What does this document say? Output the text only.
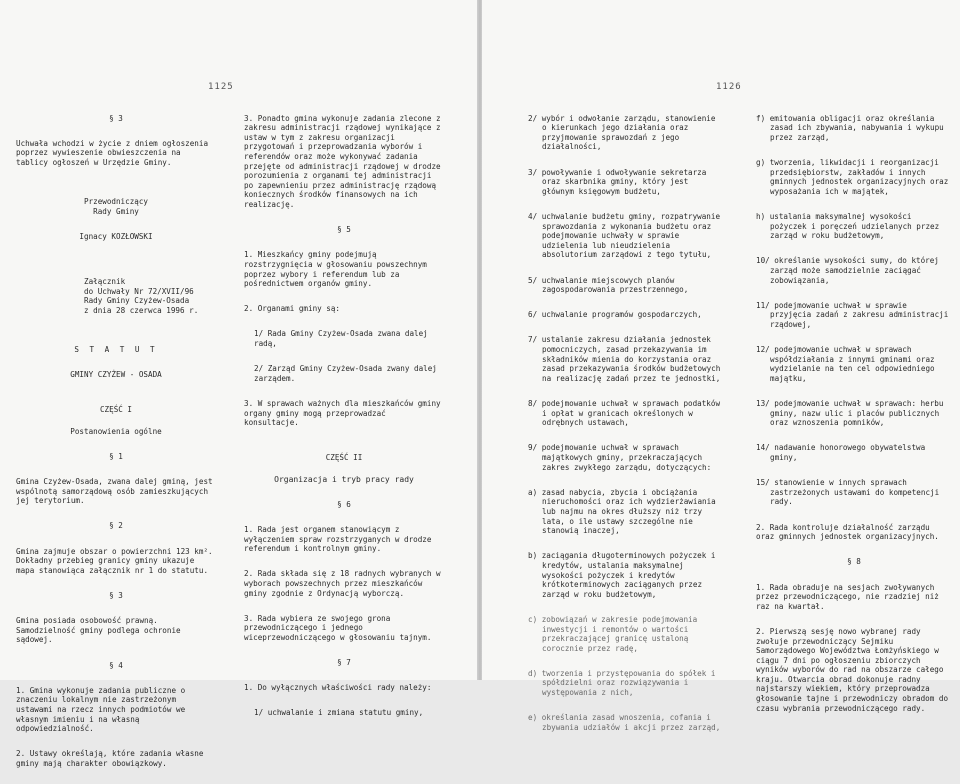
1125

§ 3

Uchwała wchodzi w życie z dniem ogłoszenia poprzez wywieszenie obwieszczenia na tablicy ogłoszeń w Urzędzie Gminy.

Przewodniczący
Rady Gminy

Ignacy KOZŁOWSKI

Załącznik
do Uchwały Nr 72/XVII/96
Rady Gminy Czyżew-Osada
z dnia 28 czerwca 1996 r.

S T A T U T

GMINY CZYŻEW - OSADA

CZĘŚĆ I

Postanowienia ogólne

§ 1

Gmina Czyżew-Osada, zwana dalej gminą, jest wspólnotą samorządową osób zamieszkujących jej terytorium.

§ 2

Gmina zajmuje obszar o powierzchni 123 km². Dokładny przebieg granicy gminy ukazuje mapa stanowiąca załącznik nr 1 do statutu.

§ 3

Gmina posiada osobowość prawną. Samodzielność gminy podlega ochronie sądowej.

§ 4

1. Gmina wykonuje zadania publiczne o znaczeniu lokalnym nie zastrzeżonym ustawami na rzecz innych podmiotów we własnym imieniu i na własną odpowiedzialność.

2. Ustawy określają, które zadania własne gminy mają charakter obowiązkowy.

3. Ponadto gmina wykonuje zadania zlecone z zakresu administracji rządowej wynikające z ustaw w tym z zakresu organizacji przygotowań i przeprowadzania wyborów i referendów oraz może wykonywać zadania przejęte od administracji rządowej w drodze porozumienia z organami tej administracji po zapewnieniu przez administrację rządową koniecznych środków finansowych na ich realizację.

§ 5

1. Mieszkańcy gminy podejmują rozstrzygnięcia w głosowaniu powszechnym poprzez wybory i referendum lub za pośrednictwem organów gminy.

2. Organami gminy są:

1/ Rada Gminy Czyżew-Osada zwana dalej radą,

2/ Zarząd Gminy Czyżew-Osada zwany dalej zarządem.

3. W sprawach ważnych dla mieszkańców gminy organy gminy mogą przeprowadzać konsultacje.

CZĘŚĆ II

Organizacja i tryb pracy rady

§ 6

1. Rada jest organem stanowiącym z wyłączeniem spraw rozstrzyganych w drodze referendum i kontrolnym gminy.

2. Rada składa się z 18 radnych wybranych w wyborach powszechnych przez mieszkańców gminy zgodnie z Ordynacją wyborczą.

3. Rada wybiera ze swojego grona przewodniczącego i jednego wiceprzewodniczącego w głosowaniu tajnym.

§ 7

1. Do wyłącznych właściwości rady należy:

1/ uchwalanie i zmiana statutu gminy,

1126

2/ wybór i odwołanie zarządu, stanowienie o kierunkach jego działania oraz przyjmowanie sprawozdań z jego działalności,

3/ powoływanie i odwoływanie sekretarza oraz skarbnika gminy, który jest głównym księgowym budżetu,

4/ uchwalanie budżetu gminy, rozpatrywanie sprawozdania z wykonania budżetu oraz podejmowanie uchwały w sprawie udzielenia lub nieudzielenia absolutorium zarządowi z tego tytułu,

5/ uchwalanie miejscowych planów zagospodarowania przestrzennego,

6/ uchwalanie programów gospodarczych,

7/ ustalanie zakresu działania jednostek pomocniczych, zasad przekazywania im składników mienia do korzystania oraz zasad przekazywania środków budżetowych na realizację zadań przez te jednostki,

8/ podejmowanie uchwał w sprawach podatków i opłat w granicach określonych w odrębnych ustawach,

9/ podejmowanie uchwał w sprawach majątkowych gminy, przekraczających zakres zwykłego zarządu, dotyczących:

a) zasad nabycia, zbycia i obciążania nieruchomości oraz ich wydzierżawiania lub najmu na okres dłuższy niż trzy lata, o ile ustawy szczególne nie stanowią inaczej,

b) zaciągania długoterminowych pożyczek i kredytów, ustalania maksymalnej wysokości pożyczek i kredytów krótkoterminowych zaciąganych przez zarząd w roku budżetowym,

c) zobowiązań w zakresie podejmowania inwestycji i remontów o wartości przekraczającej granicę ustaloną corocznie przez radę,

d) tworzenia i przystępowania do spółek i spółdzielni oraz rozwiązywania i występowania z nich,

e) określania zasad wnoszenia, cofania i zbywania udziałów i akcji przez zarząd,

f) emitowania obligacji oraz określania zasad ich zbywania, nabywania i wykupu przez zarząd,

g) tworzenia, likwidacji i reorganizacji przedsiębiorstw, zakładów i innych gminnych jednostek organizacyjnych oraz wyposażania ich w majątek,

h) ustalania maksymalnej wysokości pożyczek i poręczeń udzielanych przez zarząd w roku budżetowym,

10/ określanie wysokości sumy, do której zarząd może samodzielnie zaciągać zobowiązania,

11/ podejmowanie uchwał w sprawie przyjęcia zadań z zakresu administracji rządowej,

12/ podejmowanie uchwał w sprawach współdziałania z innymi gminami oraz wydzielanie na ten cel odpowiedniego majątku,

13/ podejmowanie uchwał w sprawach: herbu gminy, nazw ulic i placów publicznych oraz wznoszenia pomników,

14/ nadawanie honorowego obywatelstwa gminy,

15/ stanowienie w innych sprawach zastrzeżonych ustawami do kompetencji rady.

2. Rada kontroluje działalność zarządu oraz gminnych jednostek organizacyjnych.

§ 8

1. Rada obraduje na sesjach zwoływanych przez przewodniczącego, nie rzadziej niż raz na kwartał.

2. Pierwszą sesję nowo wybranej rady zwołuje przewodniczący Sejmiku Samorządowego Województwa Łomżyńskiego w ciągu 7 dni po ogłoszeniu zbiorczych wyników wyborów do rad na obszarze całego kraju. Otwarcia obrad dokonuje radny najstarszy wiekiem, który przeprowadza głosowanie tajne i przewodniczy obradom do czasu wybrania przewodniczącego rady.
